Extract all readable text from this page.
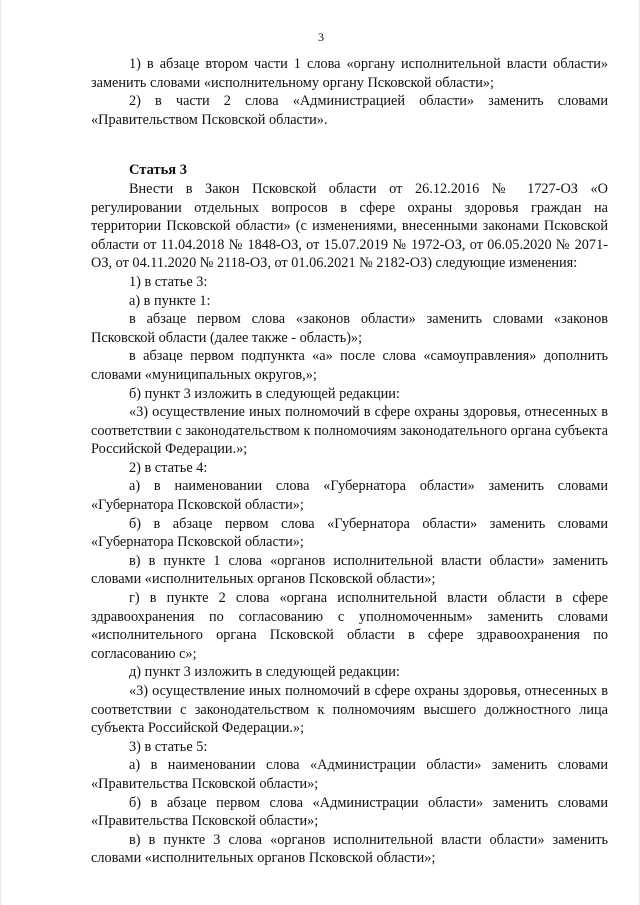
3

1) в абзаце втором части 1 слова «органу исполнительной власти области» заменить словами «исполнительному органу Псковской области»;

2) в части 2 слова «Администрацией области» заменить словами «Правительством Псковской области».

Статья 3

Внести в Закон Псковской области от 26.12.2016 № 1727-ОЗ «О регулировании отдельных вопросов в сфере охраны здоровья граждан на территории Псковской области» (с изменениями, внесенными законами Псковской области от 11.04.2018 № 1848-ОЗ, от 15.07.2019 № 1972-ОЗ, от 06.05.2020 № 2071-ОЗ, от 04.11.2020 № 2118-ОЗ, от 01.06.2021 № 2182-ОЗ) следующие изменения:

1) в статье 3:

а) в пункте 1:

в абзаце первом слова «законов области» заменить словами «законов Псковской области (далее также - область)»;

в абзаце первом подпункта «а» после слова «самоуправления» дополнить словами «муниципальных округов,»;

б) пункт 3 изложить в следующей редакции:

«3) осуществление иных полномочий в сфере охраны здоровья, отнесенных в соответствии с законодательством к полномочиям законодательного органа субъекта Российской Федерации.»;

2) в статье 4:

а) в наименовании слова «Губернатора области» заменить словами «Губернатора Псковской области»;

б) в абзаце первом слова «Губернатора области» заменить словами «Губернатора Псковской области»;

в) в пункте 1 слова «органов исполнительной власти области» заменить словами «исполнительных органов Псковской области»;

г) в пункте 2 слова «органа исполнительной власти области в сфере здравоохранения по согласованию с уполномоченным» заменить словами «исполнительного органа Псковской области в сфере здравоохранения по согласованию с»;

д) пункт 3 изложить в следующей редакции:

«3) осуществление иных полномочий в сфере охраны здоровья, отнесенных в соответствии с законодательством к полномочиям высшего должностного лица субъекта Российской Федерации.»;

3) в статье 5:

а) в наименовании слова «Администрации области» заменить словами «Правительства Псковской области»;

б) в абзаце первом слова «Администрации области» заменить словами «Правительства Псковской области»;

в) в пункте 3 слова «органов исполнительной власти области» заменить словами «исполнительных органов Псковской области»;
